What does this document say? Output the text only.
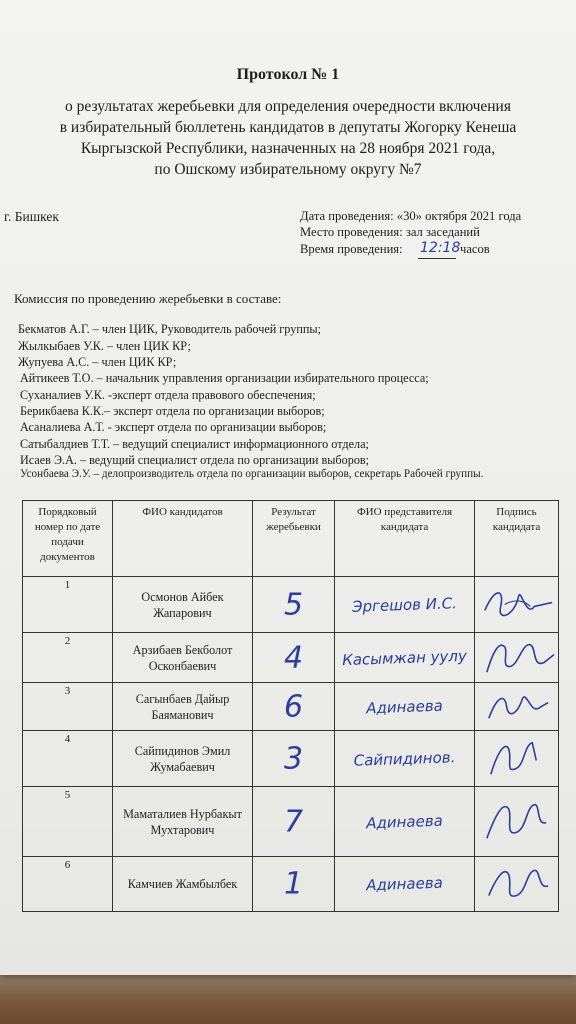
Протокол № 1
о результатах жеребьевки для определения очередности включения
в избирательный бюллетень кандидатов в депутаты Жогорку Кенеша
Кыргызской Республики, назначенных на 28 ноября 2021 года,
по Ошскому избирательному округу №7
г. Бишкек	Дата проведения: «30» октября 2021 года
Место проведения: зал заседаний
Время проведения: 12:18 часов
Комиссия по проведению жеребьевки в составе:
Бекматов А.Г. – член ЦИК, Руководитель рабочей группы;
Жылкыбаев У.К. – член ЦИК КР;
Жупуева А.С. – член ЦИК КР;
Айтикеев Т.О. – начальник управления организации избирательного процесса;
Суханалиев У.К. -эксперт отдела правового обеспечения;
Берикбаева К.К.– эксперт отдела по организации выборов;
Асаналиева А.Т. - эксперт отдела по организации выборов;
Сатыбалдиев Т.Т. – ведущий специалист информационного отдела;
Исаев Э.А. – ведущий специалист отдела по организации выборов;
Усонбаева Э.У. – делопроизводитель отдела по организации выборов, секретарь Рабочей группы.
Порядковый номер по дате подачи документов	ФИО кандидатов	Результат жеребьевки	ФИО представителя кандидата	Подпись кандидата
1	Осмонов Айбек Жапарович	5	Эргешов И.С.

2	Арзибаев Бекболот Осконбаевич	4	Касымжан уулу

3	Сагынбаев Дайыр Баяманович	6	Адинаева

4	Сайпидинов Эмил Жумабаевич	3	Сайпидинов.

5	Маматалиев Нурбакыт Мухтарович	7	Адинаева

6	Камчиев Жамбылбек	1	Адинаева
